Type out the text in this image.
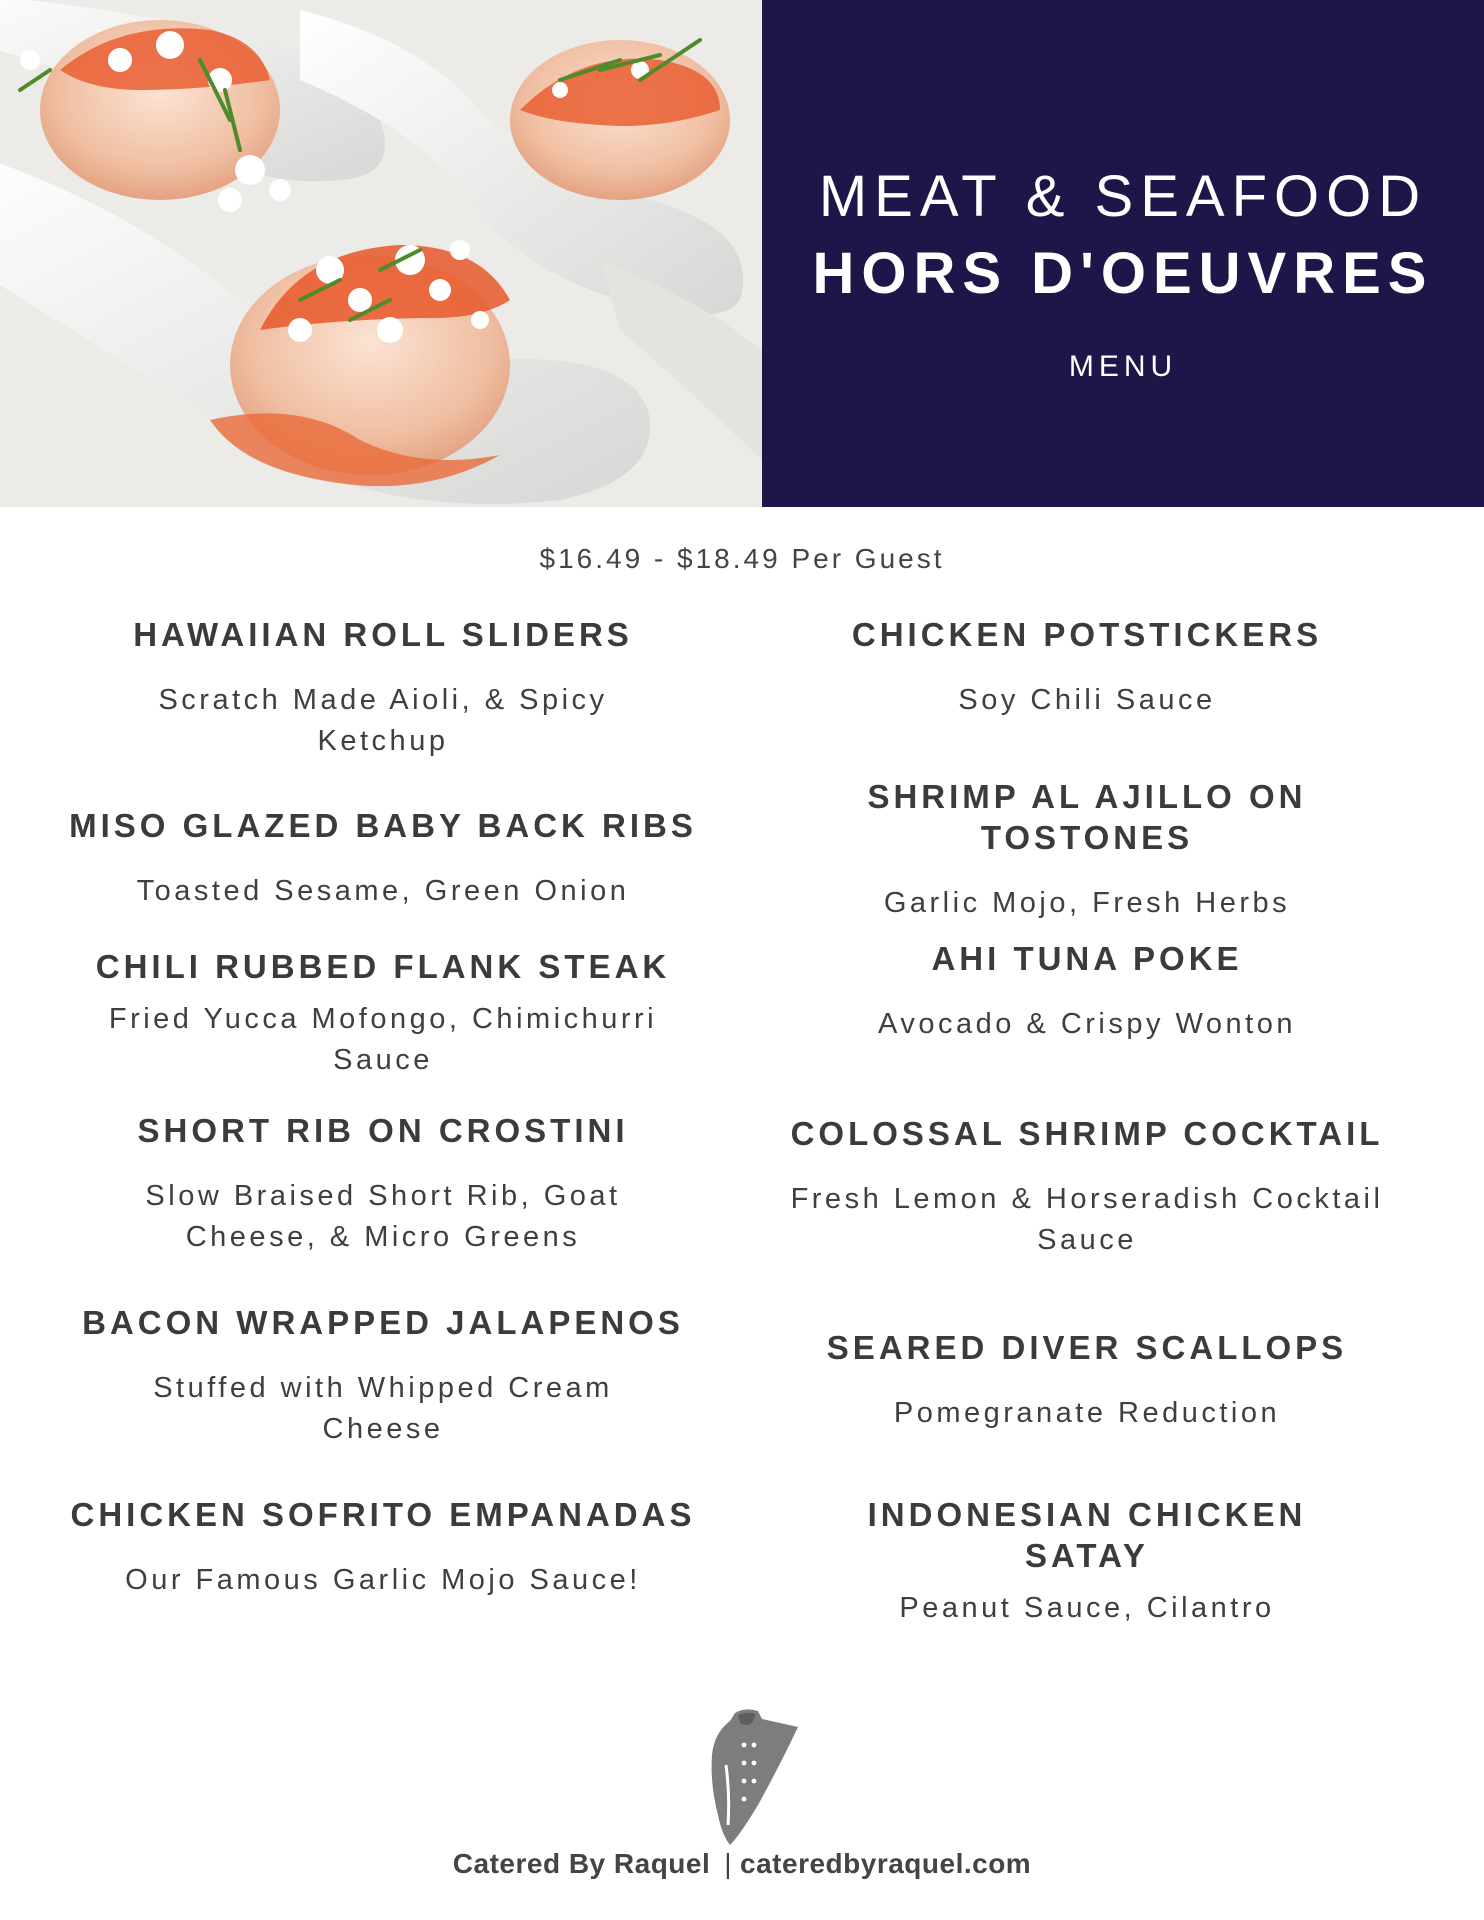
MEAT & SEAFOOD
HORS D'OEUVRES
MENU
$16.49 - $18.49 Per Guest
HAWAIIAN ROLL SLIDERS
Scratch Made Aioli, & Spicy
Ketchup
MISO GLAZED BABY BACK RIBS
Toasted Sesame, Green Onion
CHILI RUBBED FLANK STEAK
Fried Yucca Mofongo, Chimichurri
Sauce
SHORT RIB ON CROSTINI
Slow Braised Short Rib, Goat
Cheese, & Micro Greens
BACON WRAPPED JALAPENOS
Stuffed with Whipped Cream
Cheese
CHICKEN SOFRITO EMPANADAS
Our Famous Garlic Mojo Sauce!
CHICKEN POTSTICKERS
Soy Chili Sauce
SHRIMP AL AJILLO ON TOSTONES
Garlic Mojo, Fresh Herbs
AHI TUNA POKE
Avocado & Crispy Wonton
COLOSSAL SHRIMP COCKTAIL
Fresh Lemon & Horseradish Cocktail
Sauce
SEARED DIVER SCALLOPS
Pomegranate Reduction
INDONESIAN CHICKEN
SATAY
Peanut Sauce, Cilantro
Catered By Raquel | cateredbyraquel.com
